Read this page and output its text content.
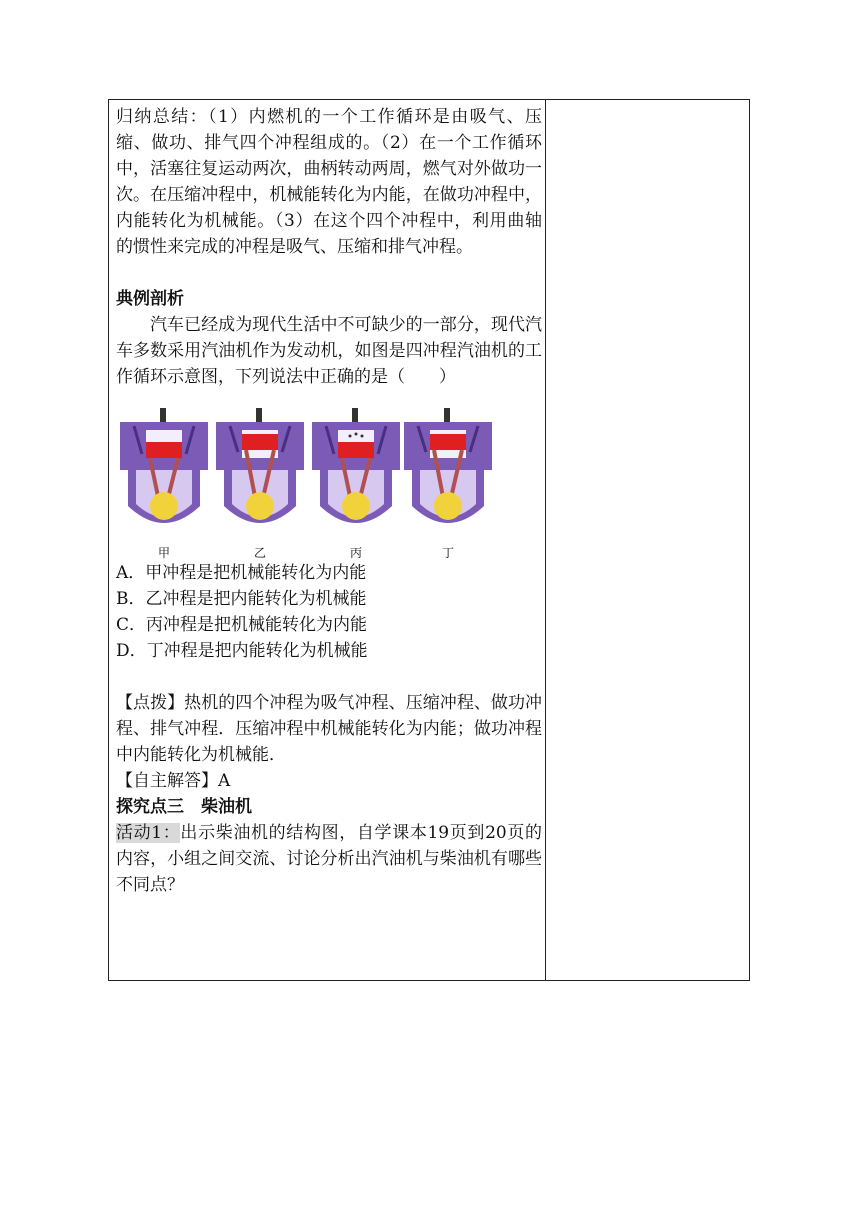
归纳总结：（1）内燃机的一个工作循环是由吸气、压缩、做功、排气四个冲程组成的。（2）在一个工作循环中，活塞往复运动两次，曲柄转动两周，燃气对外做功一次。在压缩冲程中，机械能转化为内能，在做功冲程中，内能转化为机械能。（3）在这个四个冲程中，利用曲轴的惯性来完成的冲程是吸气、压缩和排气冲程。

典例剖析

汽车已经成为现代生活中不可缺少的一部分，现代汽车多数采用汽油机作为发动机，如图是四冲程汽油机的工作循环示意图，下列说法中正确的是（　　）

甲	乙	丙	丁

A．甲冲程是把机械能转化为内能

B．乙冲程是把内能转化为机械能

C．丙冲程是把机械能转化为内能

D．丁冲程是把内能转化为机械能

【点拨】热机的四个冲程为吸气冲程、压缩冲程、做功冲程、排气冲程．压缩冲程中机械能转化为内能；做功冲程中内能转化为机械能．

【自主解答】A

探究点三　柴油机

活动1：出示柴油机的结构图，自学课本19页到20页的内容，小组之间交流、讨论分析出汽油机与柴油机有哪些不同点？
